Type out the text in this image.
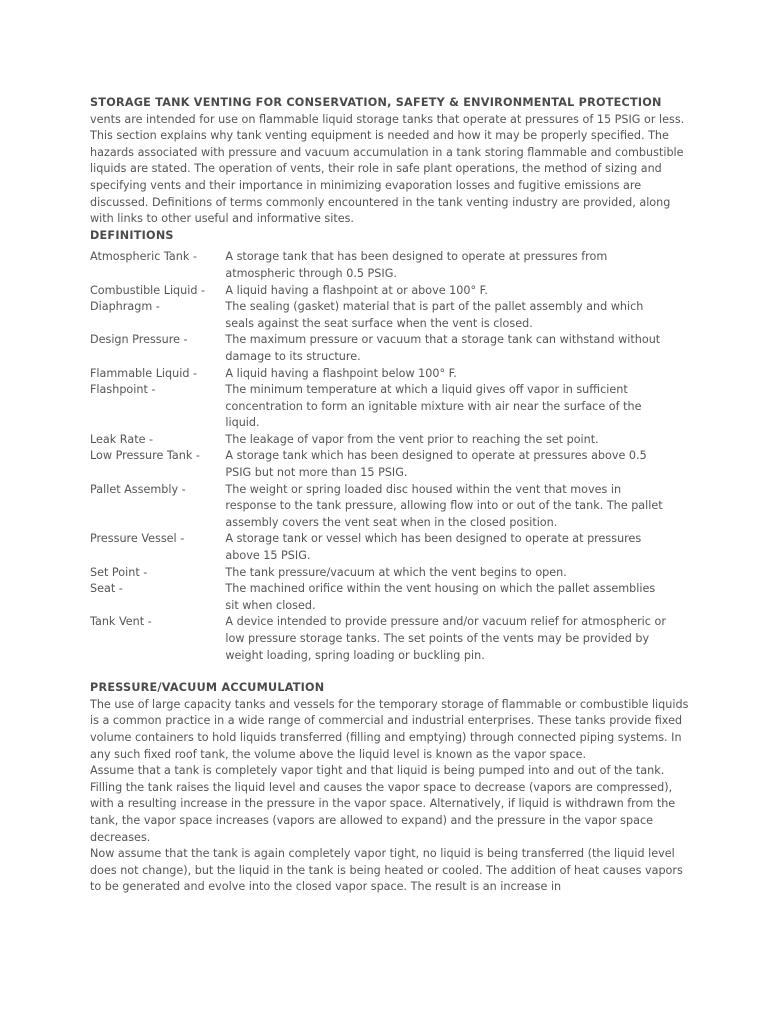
STORAGE TANK VENTING FOR CONSERVATION, SAFETY & ENVIRONMENTAL PROTECTION

vents are intended for use on flammable liquid storage tanks that operate at pressures of 15 PSIG or less. This section explains why tank venting equipment is needed and how it may be properly specified. The hazards associated with pressure and vacuum accumulation in a tank storing flammable and combustible liquids are stated. The operation of vents, their role in safe plant operations, the method of sizing and specifying vents and their importance in minimizing evaporation losses and fugitive emissions are discussed. Definitions of terms commonly encountered in the tank venting industry are provided, along with links to other useful and informative sites.

DEFINITIONS
Atmospheric Tank -	A storage tank that has been designed to operate at pressures from atmospheric through 0.5 PSIG.
Combustible Liquid -	A liquid having a flashpoint at or above 100° F.
Diaphragm -	The sealing (gasket) material that is part of the pallet assembly and which seals against the seat surface when the vent is closed.
Design Pressure -	The maximum pressure or vacuum that a storage tank can withstand without damage to its structure.
Flammable Liquid -	A liquid having a flashpoint below 100° F.
Flashpoint -	The minimum temperature at which a liquid gives off vapor in sufficient concentration to form an ignitable mixture with air near the surface of the liquid.
Leak Rate -	The leakage of vapor from the vent prior to reaching the set point.
Low Pressure Tank -	A storage tank which has been designed to operate at pressures above 0.5 PSIG but not more than 15 PSIG.
Pallet Assembly -	The weight or spring loaded disc housed within the vent that moves in response to the tank pressure, allowing flow into or out of the tank. The pallet assembly covers the vent seat when in the closed position.
Pressure Vessel -	A storage tank or vessel which has been designed to operate at pressures above 15 PSIG.
Set Point -	The tank pressure/vacuum at which the vent begins to open.
Seat -	The machined orifice within the vent housing on which the pallet assemblies sit when closed.
Tank Vent -	A device intended to provide pressure and/or vacuum relief for atmospheric or low pressure storage tanks. The set points of the vents may be provided by weight loading, spring loading or buckling pin.
PRESSURE/VACUUM ACCUMULATION

The use of large capacity tanks and vessels for the temporary storage of flammable or combustible liquids is a common practice in a wide range of commercial and industrial enterprises. These tanks provide fixed volume containers to hold liquids transferred (filling and emptying) through connected piping systems. In any such fixed roof tank, the volume above the liquid level is known as the vapor space.

Assume that a tank is completely vapor tight and that liquid is being pumped into and out of the tank. Filling the tank raises the liquid level and causes the vapor space to decrease (vapors are compressed), with a resulting increase in the pressure in the vapor space. Alternatively, if liquid is withdrawn from the tank, the vapor space increases (vapors are allowed to expand) and the pressure in the vapor space decreases.

Now assume that the tank is again completely vapor tight, no liquid is being transferred (the liquid level does not change), but the liquid in the tank is being heated or cooled. The addition of heat causes vapors to be generated and evolve into the closed vapor space. The result is an increase in
